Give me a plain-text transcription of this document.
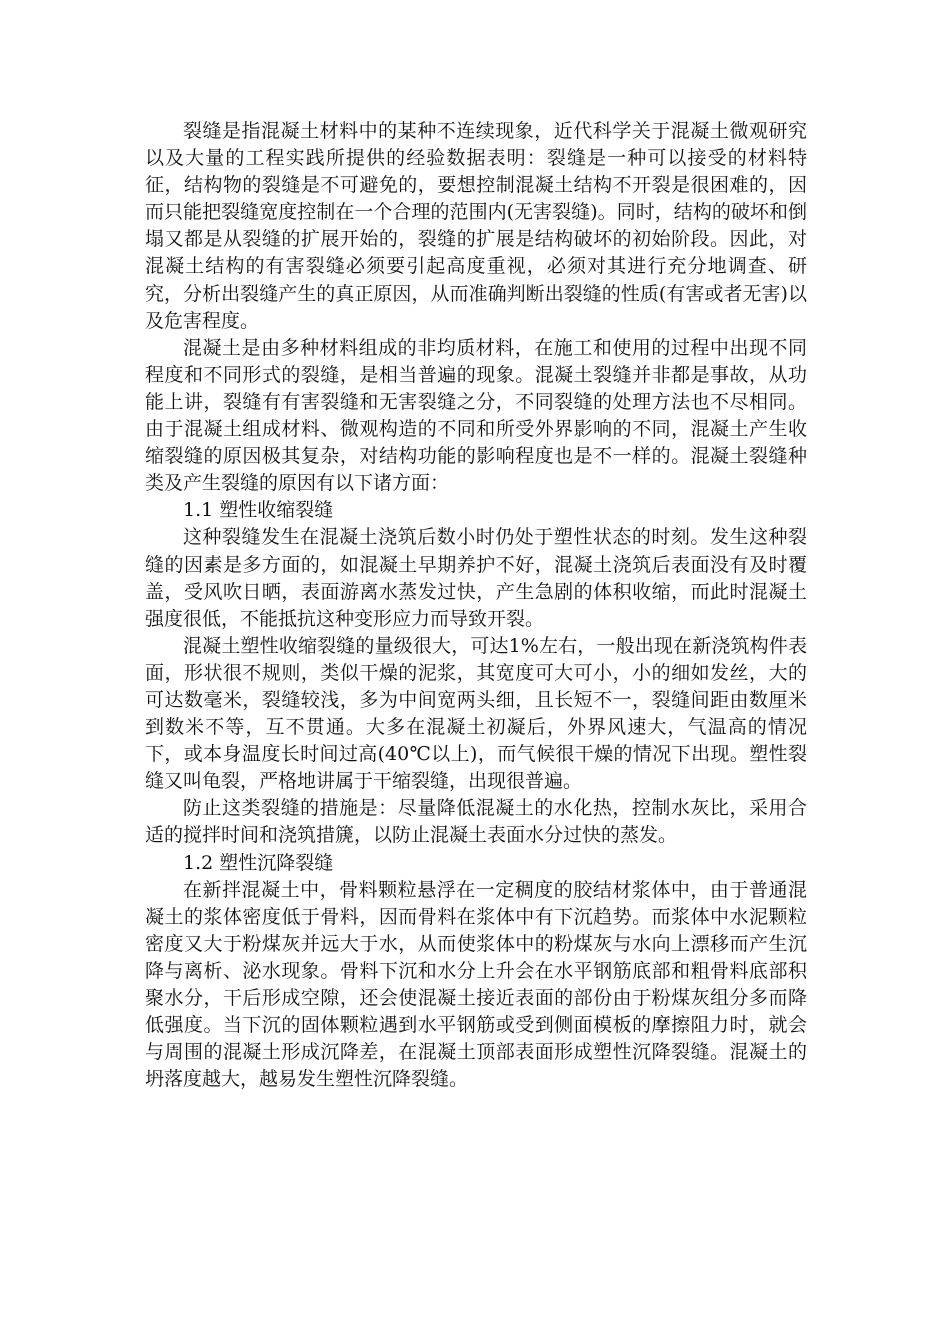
裂缝是指混凝土材料中的某种不连续现象，近代科学关于混凝土微观研究以及大量的工程实践所提供的经验数据表明：裂缝是一种可以接受的材料特征，结构物的裂缝是不可避免的，要想控制混凝土结构不开裂是很困难的，因而只能把裂缝宽度控制在一个合理的范围内(无害裂缝)。同时，结构的破坏和倒塌又都是从裂缝的扩展开始的，裂缝的扩展是结构破坏的初始阶段。因此，对混凝土结构的有害裂缝必须要引起高度重视，必须对其进行充分地调查、研究，分析出裂缝产生的真正原因，从而准确判断出裂缝的性质(有害或者无害)以及危害程度。

混凝土是由多种材料组成的非均质材料，在施工和使用的过程中出现不同程度和不同形式的裂缝，是相当普遍的现象。混凝土裂缝并非都是事故，从功能上讲，裂缝有有害裂缝和无害裂缝之分，不同裂缝的处理方法也不尽相同。由于混凝土组成材料、微观构造的不同和所受外界影响的不同，混凝土产生收缩裂缝的原因极其复杂，对结构功能的影响程度也是不一样的。混凝土裂缝种类及产生裂缝的原因有以下诸方面：

1.1 塑性收缩裂缝

这种裂缝发生在混凝土浇筑后数小时仍处于塑性状态的时刻。发生这种裂缝的因素是多方面的，如混凝土早期养护不好，混凝土浇筑后表面没有及时覆盖，受风吹日晒，表面游离水蒸发过快，产生急剧的体积收缩，而此时混凝土强度很低，不能抵抗这种变形应力而导致开裂。

混凝土塑性收缩裂缝的量级很大，可达1%左右，一般出现在新浇筑构件表面，形状很不规则，类似干燥的泥浆，其宽度可大可小，小的细如发丝，大的可达数毫米，裂缝较浅，多为中间宽两头细，且长短不一，裂缝间距由数厘米到数米不等，互不贯通。大多在混凝土初凝后，外界风速大，气温高的情况下，或本身温度长时间过高(40℃以上)，而气候很干燥的情况下出现。塑性裂缝又叫龟裂，严格地讲属于干缩裂缝，出现很普遍。

防止这类裂缝的措施是：尽量降低混凝土的水化热，控制水灰比，采用合适的搅拌时间和浇筑措篪，以防止混凝土表面水分过快的蒸发。

1.2 塑性沉降裂缝

在新拌混凝土中，骨料颗粒悬浮在一定稠度的胶结材浆体中，由于普通混凝土的浆体密度低于骨料，因而骨料在浆体中有下沉趋势。而浆体中水泥颗粒密度又大于粉煤灰并远大于水，从而使浆体中的粉煤灰与水向上漂移而产生沉降与离析、泌水现象。骨料下沉和水分上升会在水平钢筋底部和粗骨料底部积聚水分，干后形成空隙，还会使混凝土接近表面的部份由于粉煤灰组分多而降低强度。当下沉的固体颗粒遇到水平钢筋或受到侧面模板的摩擦阻力时，就会与周围的混凝土形成沉降差，在混凝土顶部表面形成塑性沉降裂缝。混凝土的坍落度越大，越易发生塑性沉降裂缝。
